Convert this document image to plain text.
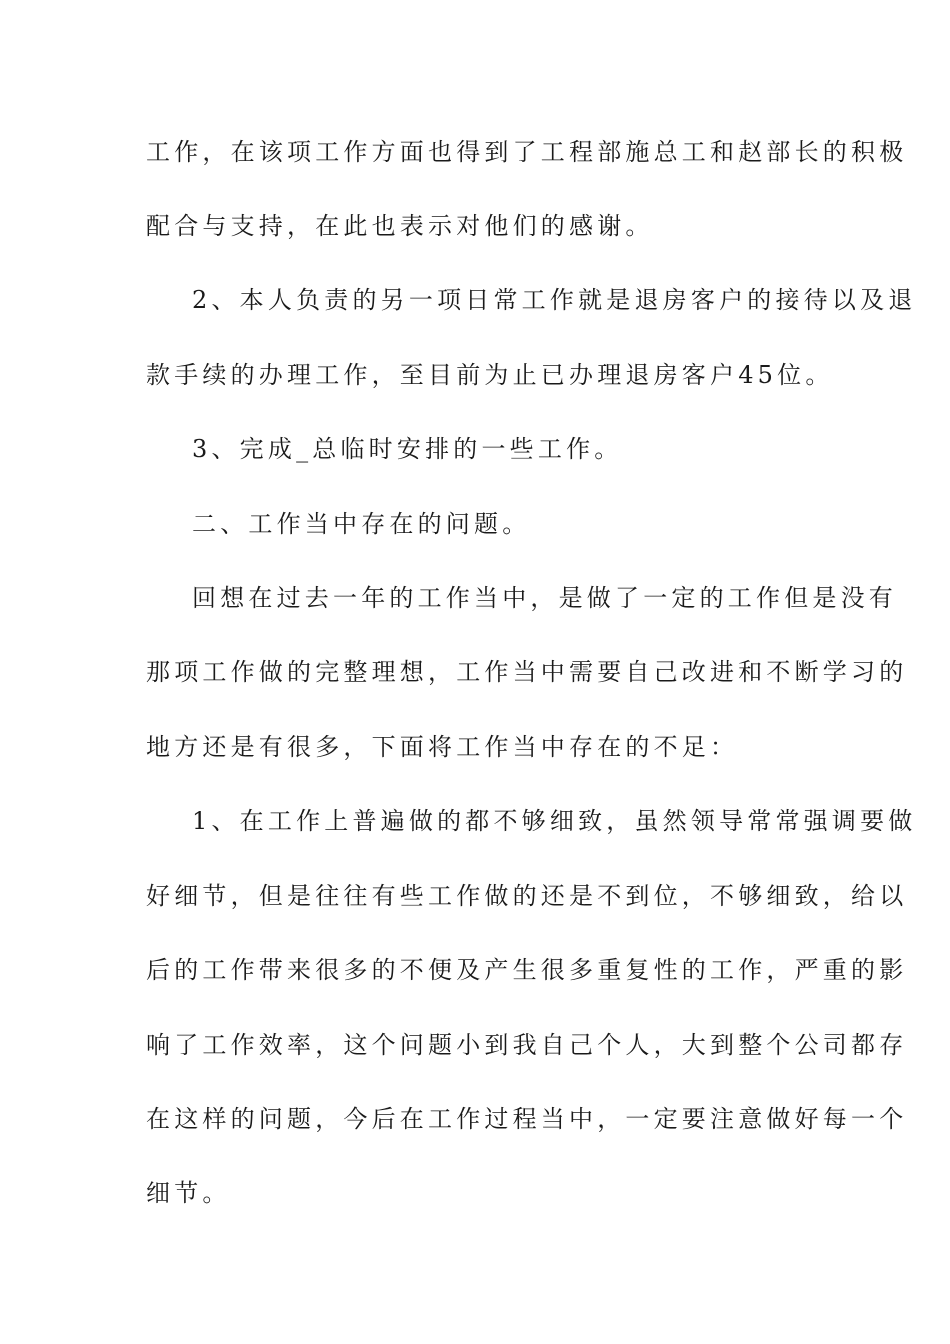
工作，在该项工作方面也得到了工程部施总工和赵部长的积极
配合与支持，在此也表示对他们的感谢。
2、本人负责的另一项日常工作就是退房客户的接待以及退
款手续的办理工作，至目前为止已办理退房客户45位。
3、完成_总临时安排的一些工作。
二、工作当中存在的问题。
回想在过去一年的工作当中，是做了一定的工作但是没有
那项工作做的完整理想，工作当中需要自己改进和不断学习的
地方还是有很多，下面将工作当中存在的不足：
1、在工作上普遍做的都不够细致，虽然领导常常强调要做
好细节，但是往往有些工作做的还是不到位，不够细致，给以
后的工作带来很多的不便及产生很多重复性的工作，严重的影
响了工作效率，这个问题小到我自己个人，大到整个公司都存
在这样的问题，今后在工作过程当中，一定要注意做好每一个
细节。
